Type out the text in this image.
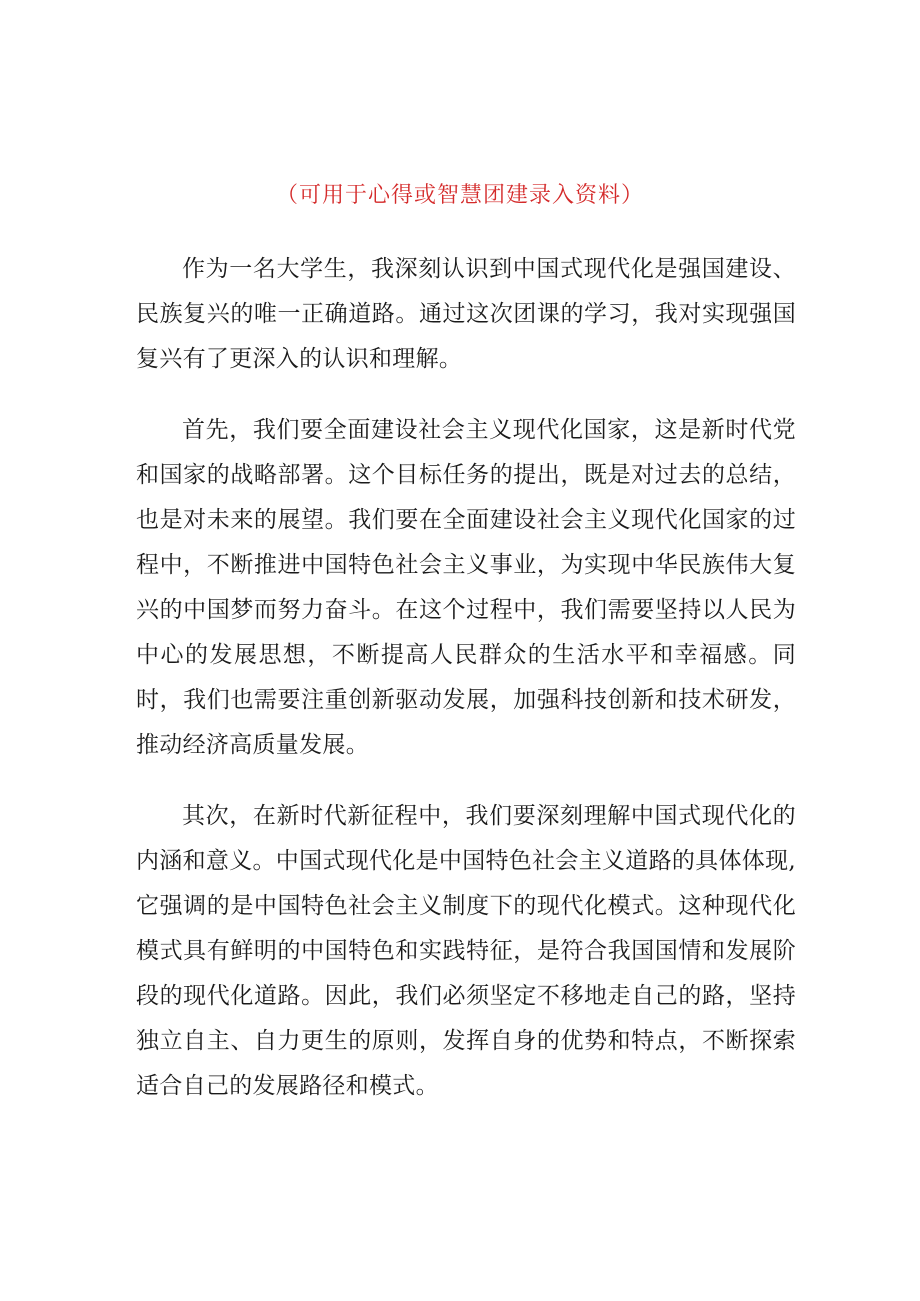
（可用于心得或智慧团建录入资料）

作为一名大学生，我深刻认识到中国式现代化是强国建设、民族复兴的唯一正确道路。通过这次团课的学习，我对实现强国复兴有了更深入的认识和理解。

首先，我们要全面建设社会主义现代化国家，这是新时代党和国家的战略部署。这个目标任务的提出，既是对过去的总结，也是对未来的展望。我们要在全面建设社会主义现代化国家的过程中，不断推进中国特色社会主义事业，为实现中华民族伟大复兴的中国梦而努力奋斗。在这个过程中，我们需要坚持以人民为中心的发展思想，不断提高人民群众的生活水平和幸福感。同时，我们也需要注重创新驱动发展，加强科技创新和技术研发，推动经济高质量发展。

其次，在新时代新征程中，我们要深刻理解中国式现代化的内涵和意义。中国式现代化是中国特色社会主义道路的具体体现,它强调的是中国特色社会主义制度下的现代化模式。这种现代化模式具有鲜明的中国特色和实践特征，是符合我国国情和发展阶段的现代化道路。因此，我们必须坚定不移地走自己的路，坚持独立自主、自力更生的原则，发挥自身的优势和特点，不断探索适合自己的发展路径和模式。
